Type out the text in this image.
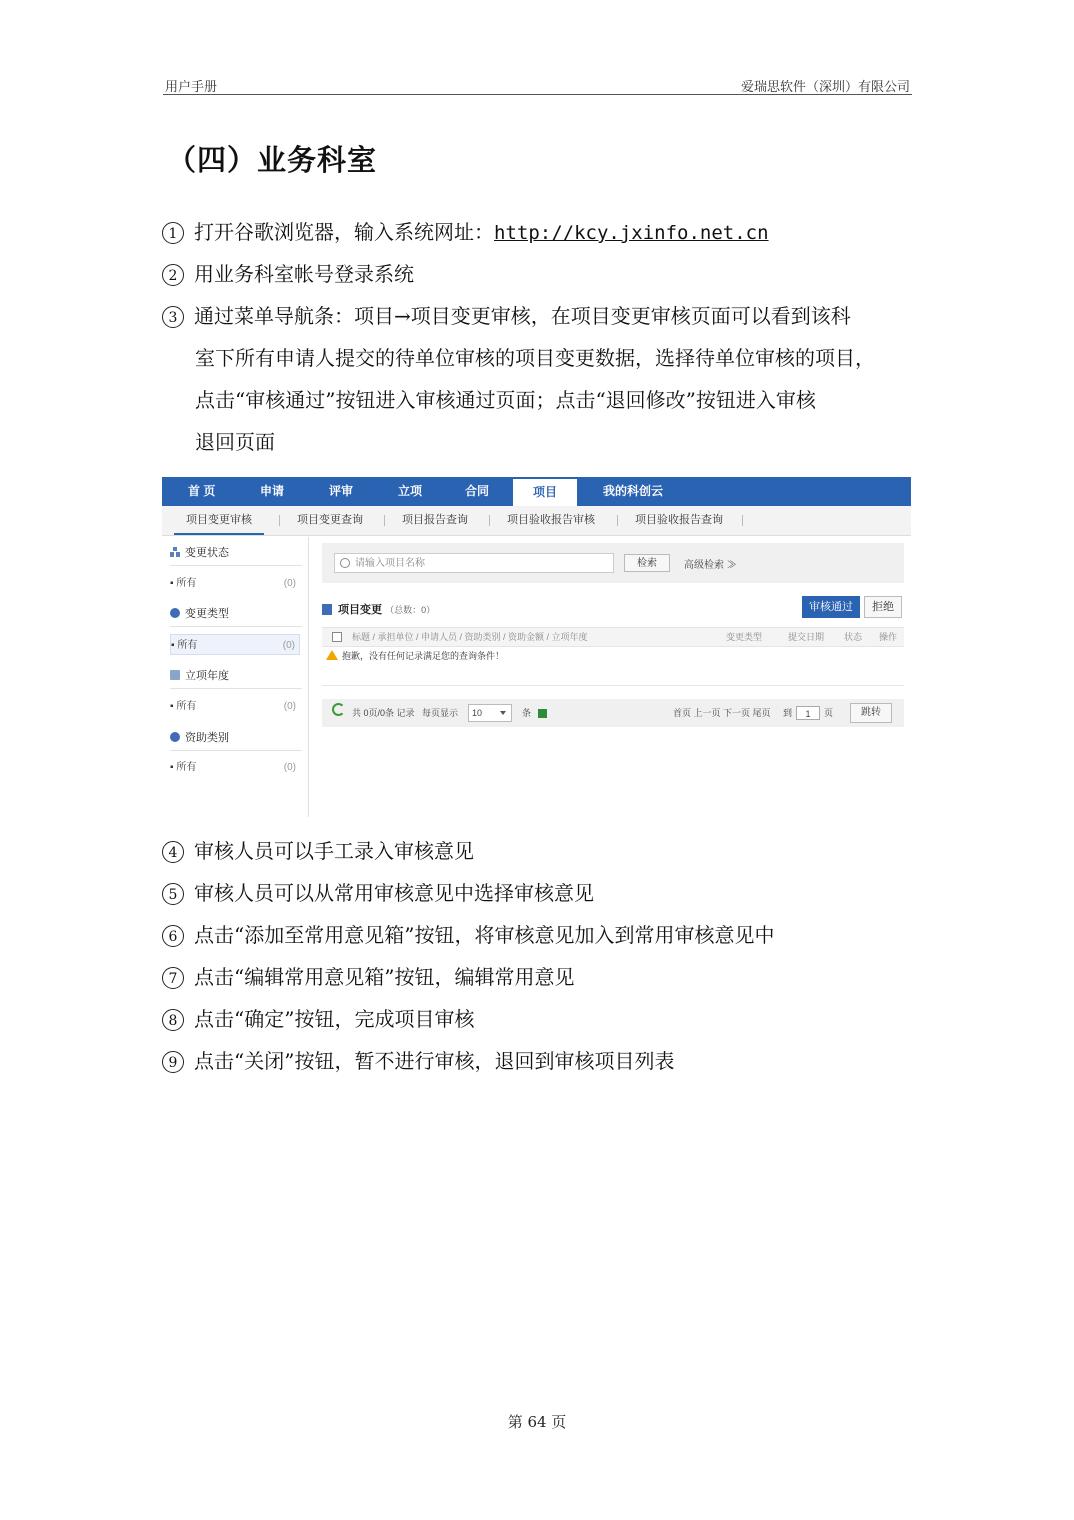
用户手册	爱瑞思软件（深圳）有限公司
（四）业务科室
1 打开谷歌浏览器，输入系统网址：http://kcy.jxinfo.net.cn
2 用业务科室帐号登录系统
3 通过菜单导航条：项目→项目变更审核，在项目变更审核页面可以看到该科
室下所有申请人提交的待单位审核的项目变更数据，选择待单位审核的项目，
点击“审核通过”按钮进入审核通过页面；点击“退回修改”按钮进入审核
退回页面
首 页	申请	评审	立项	合同	项目	我的科创云
项目变更审核	项目变更查询	项目报告查询	项目验收报告审核	项目验收报告查询
变更状态
▪ 所有	(0)
变更类型
▪ 所有	(0)
立项年度
▪ 所有	(0)
资助类别
▪ 所有	(0)
请输入项目名称	检索	高级检索 ≫
项目变更 （总数：0）	审核通过	拒绝
标题 / 承担单位 / 申请人员 / 资助类别 / 资助金额 / 立项年度	变更类型	提交日期 状态 操作
抱歉，没有任何记录满足您的查询条件！
共 0页/0条 记录 每页显示	10	条	首页 上一页 下一页 尾页 到	1	页	跳转
4 审核人员可以手工录入审核意见
5 审核人员可以从常用审核意见中选择审核意见
6 点击“添加至常用意见箱”按钮，将审核意见加入到常用审核意见中
7 点击“编辑常用意见箱”按钮，编辑常用意见
8 点击“确定”按钮，完成项目审核
9 点击“关闭”按钮，暂不进行审核，退回到审核项目列表
第 64 页
